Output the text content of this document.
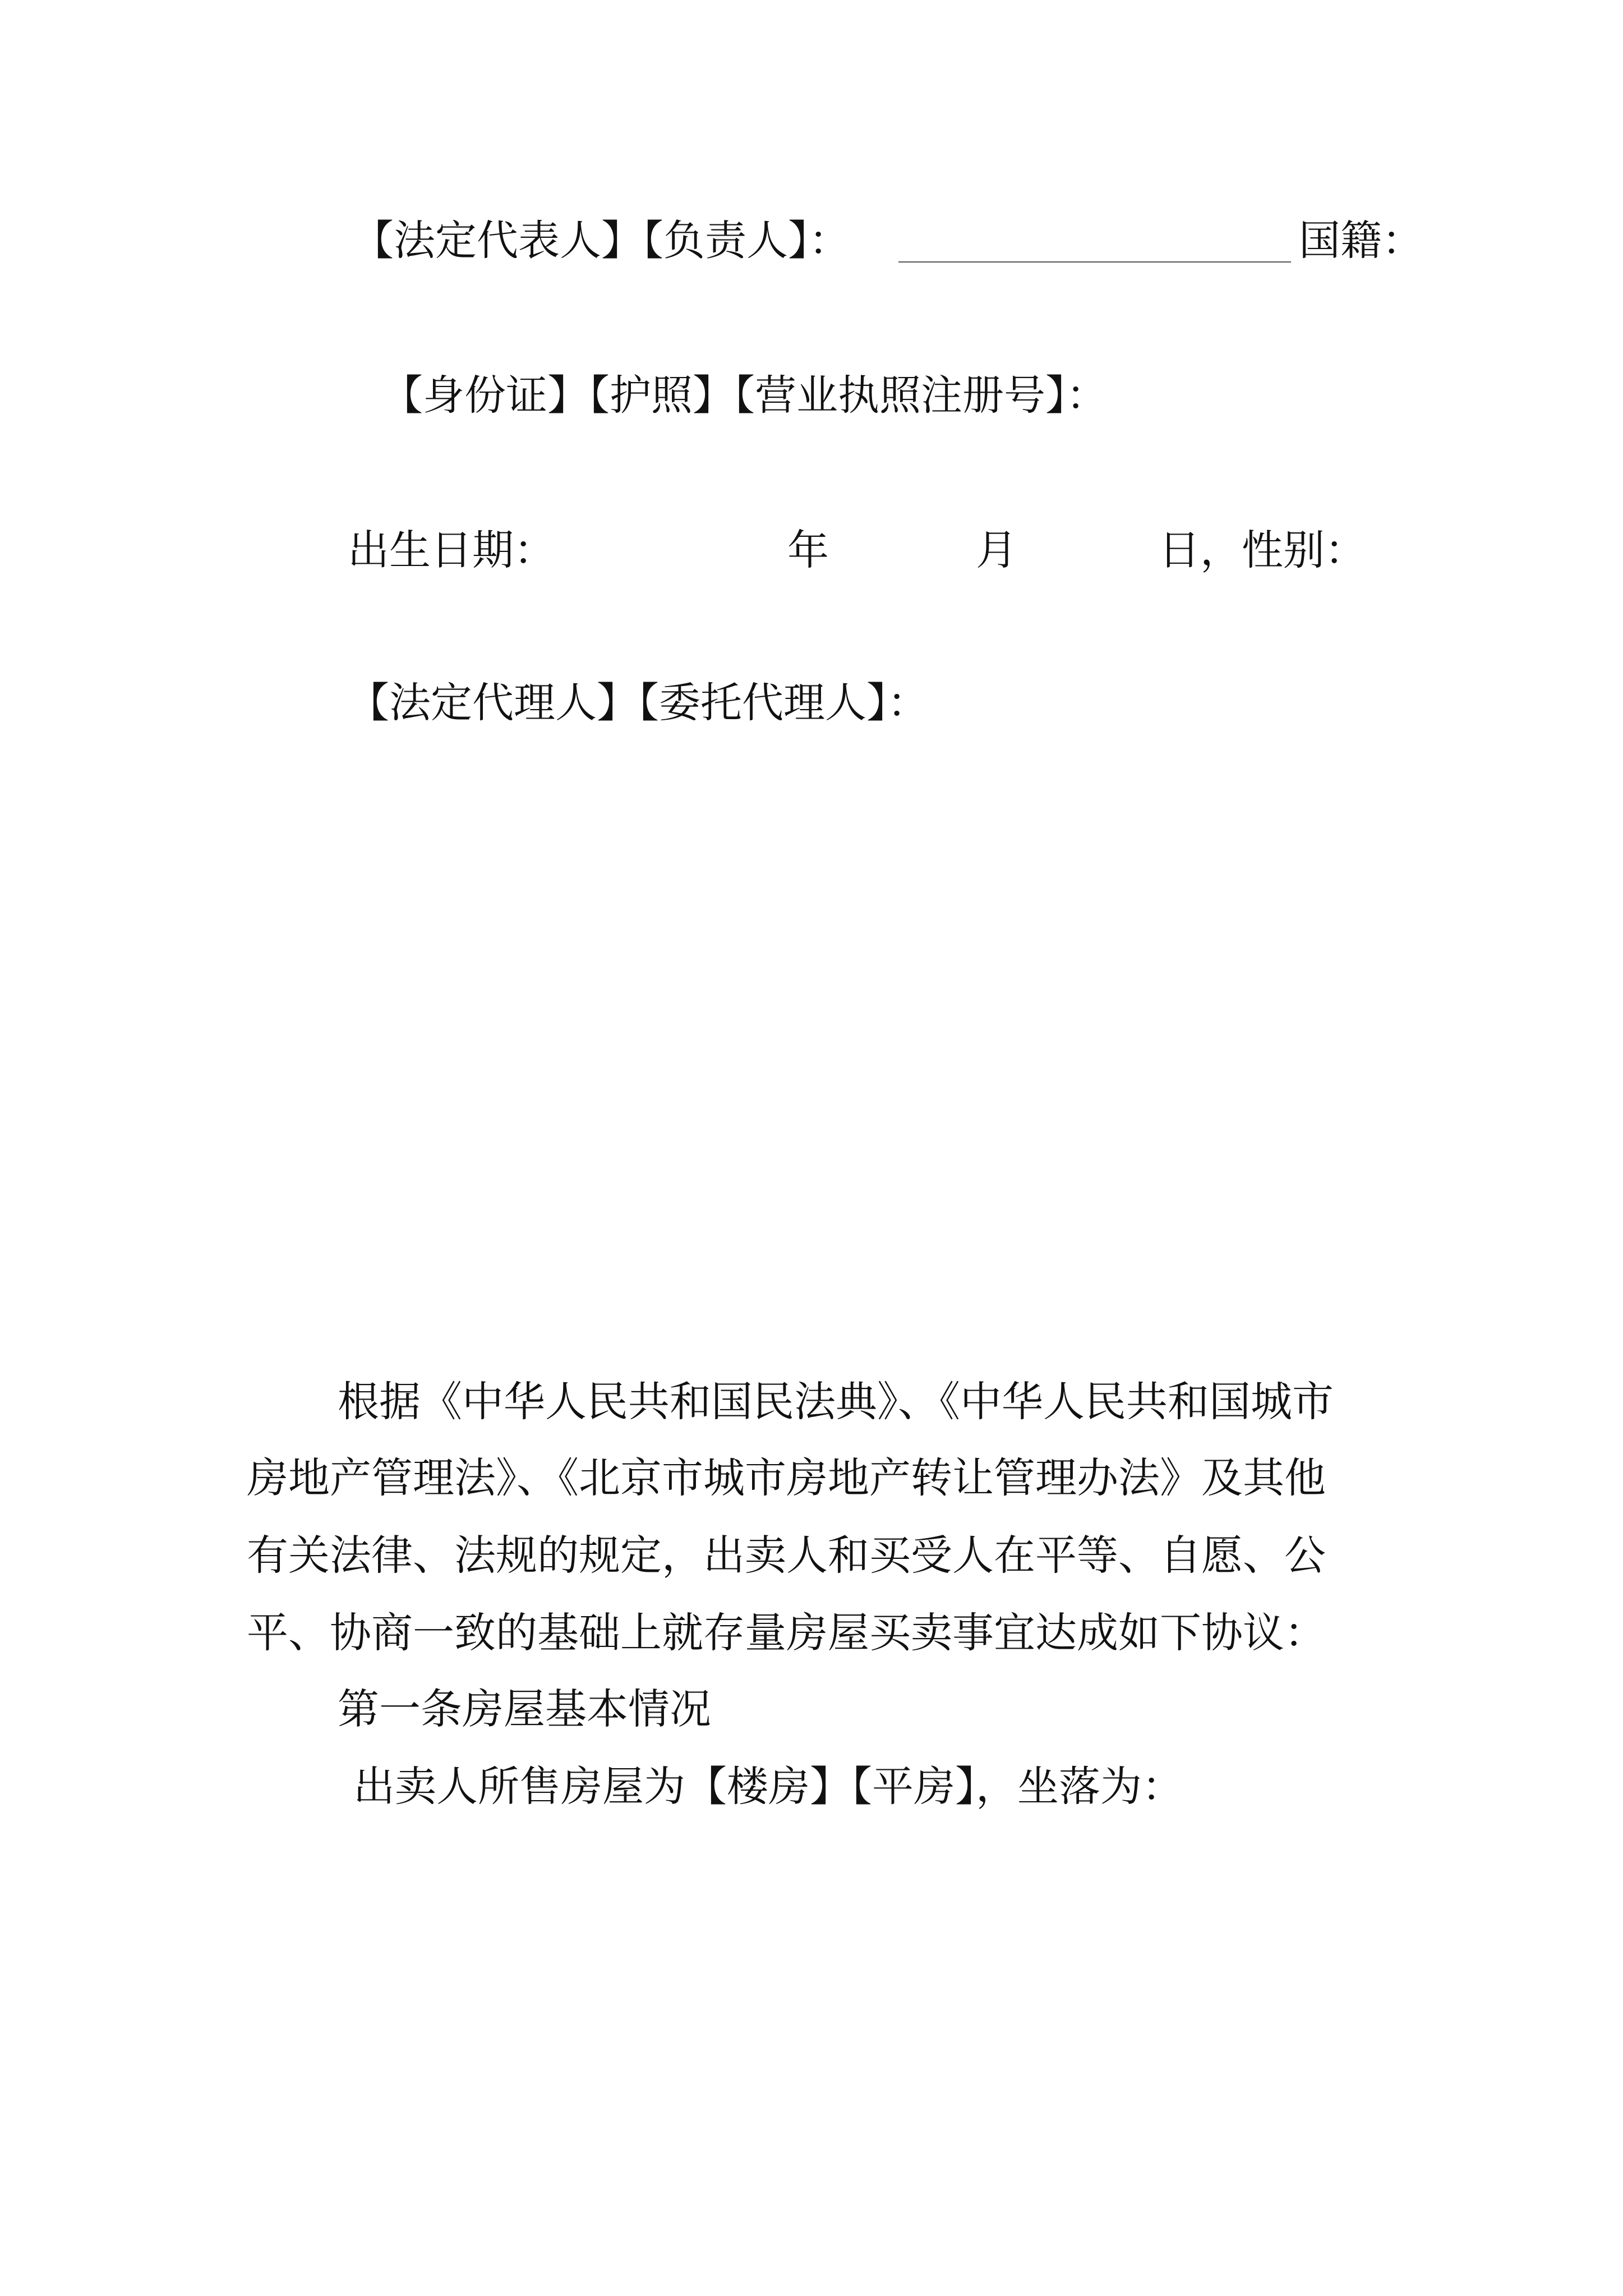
【法定代表人】【负责人】：	国籍：
【身份证】【护照】【营业执照注册号】：
出生日期：	年	月	日，性别：
【法定代理人】【委托代理人】：
根据《中华人民共和国民法典》、《中华人民共和国城市
房地产管理法》、《北京市城市房地产转让管理办法》及其他
有关法律、法规的规定，出卖人和买受人在平等、自愿、公
平、协商一致的基础上就存量房屋买卖事宜达成如下协议：
第一条房屋基本情况
出卖人所售房屋为【楼房】【平房】，坐落为：
